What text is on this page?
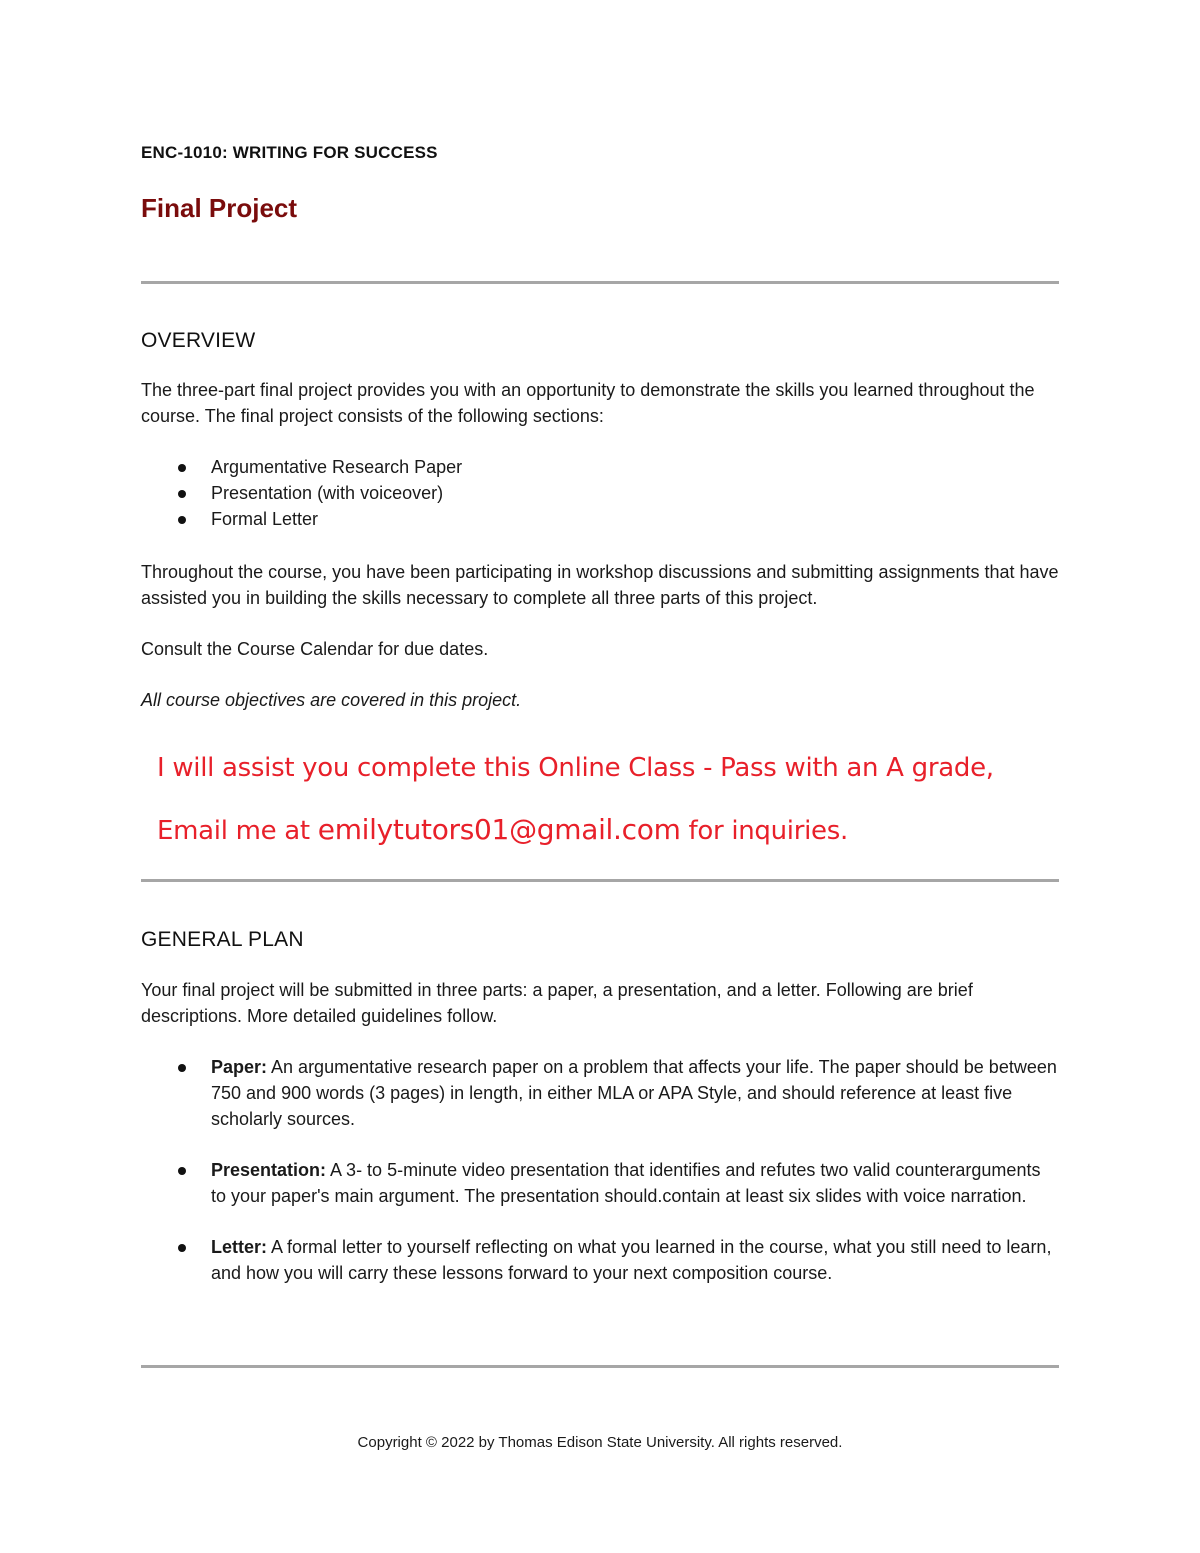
ENC-1010: WRITING FOR SUCCESS
Final Project
OVERVIEW
The three-part final project provides you with an opportunity to demonstrate the skills you learned throughout the course. The final project consists of the following sections:
Argumentative Research Paper
Presentation (with voiceover)
Formal Letter
Throughout the course, you have been participating in workshop discussions and submitting assignments that have assisted you in building the skills necessary to complete all three parts of this project.
Consult the Course Calendar for due dates.
All course objectives are covered in this project.
I will assist you complete this Online Class - Pass with an A grade,
Email me at emilytutors01@gmail.com for inquiries.
GENERAL PLAN
Your final project will be submitted in three parts: a paper, a presentation, and a letter. Following are brief descriptions. More detailed guidelines follow.
Paper: An argumentative research paper on a problem that affects your life. The paper should be between 750 and 900 words (3 pages) in length, in either MLA or APA Style, and should reference at least five scholarly sources.
Presentation: A 3- to 5-minute video presentation that identifies and refutes two valid counterarguments to your paper's main argument. The presentation should.contain at least six slides with voice narration.
Letter: A formal letter to yourself reflecting on what you learned in the course, what you still need to learn, and how you will carry these lessons forward to your next composition course.
Copyright © 2022 by Thomas Edison State University. All rights reserved.
